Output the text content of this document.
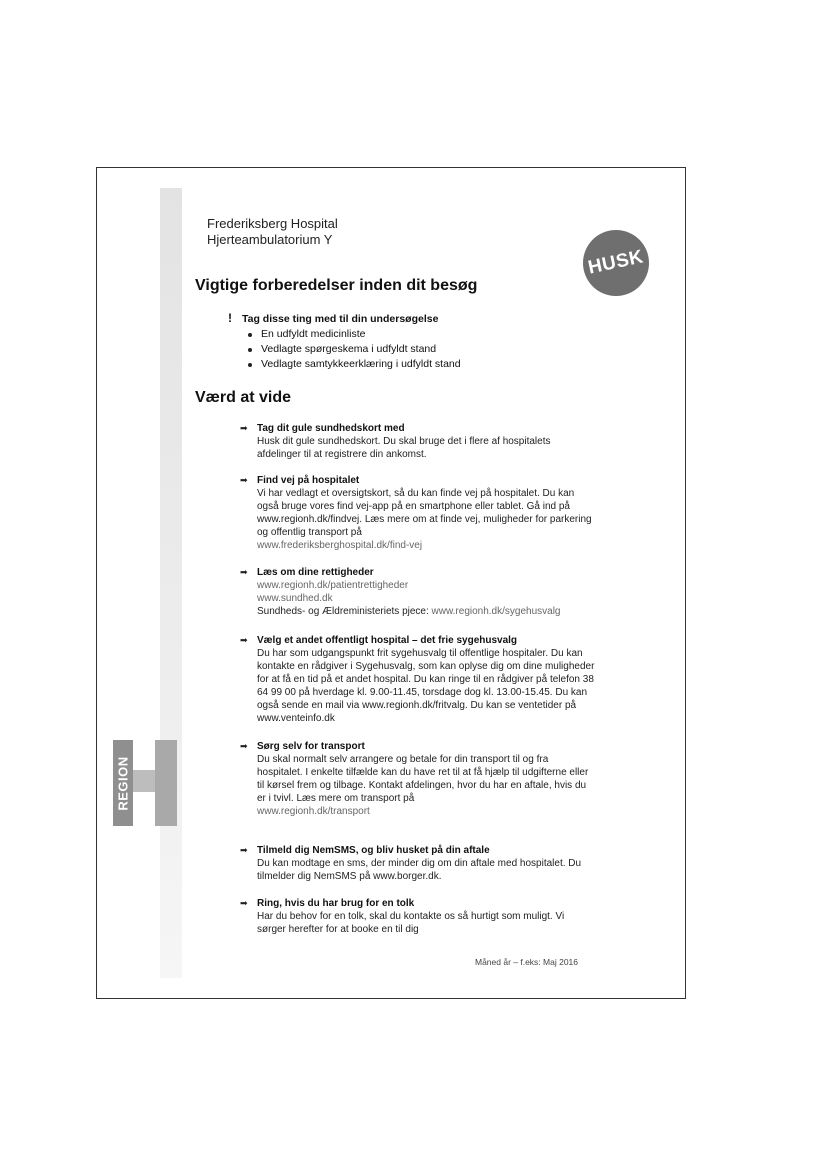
REGION
Frederiksberg Hospital
Hjerteambulatorium Y
HUSK
Vigtige forberedelser inden dit besøg
! Tag disse ting med til din undersøgelse
En udfyldt medicinliste
Vedlagte spørgeskema i udfyldt stand
Vedlagte samtykkeerklæring i udfyldt stand
Værd at vide
➡ Tag dit gule sundhedskort med
Husk dit gule sundhedskort. Du skal bruge det i flere af hospitalets afdelinger til at registrere din ankomst.
➡ Find vej på hospitalet
Vi har vedlagt et oversigtskort, så du kan finde vej på hospitalet. Du kan også bruge vores find vej-app på en smartphone eller tablet. Gå ind på www.regionh.dk/findvej. Læs mere om at finde vej, muligheder for parkering og offentlig transport på
www.frederiksberghospital.dk/find-vej
➡ Læs om dine rettigheder
www.regionh.dk/patientrettigheder
www.sundhed.dk
Sundheds- og Ældreministeriets pjece: www.regionh.dk/sygehusvalg
➡ Vælg et andet offentligt hospital – det frie sygehusvalg
Du har som udgangspunkt frit sygehusvalg til offentlige hospitaler. Du kan kontakte en rådgiver i Sygehusvalg, som kan oplyse dig om dine muligheder for at få en tid på et andet hospital. Du kan ringe til en rådgiver på telefon 38 64 99 00 på hverdage kl. 9.00-11.45, torsdage dog kl. 13.00-15.45. Du kan også sende en mail via www.regionh.dk/fritvalg. Du kan se ventetider på www.venteinfo.dk
➡ Sørg selv for transport
Du skal normalt selv arrangere og betale for din transport til og fra hospitalet. I enkelte tilfælde kan du have ret til at få hjælp til udgifterne eller til kørsel frem og tilbage. Kontakt afdelingen, hvor du har en aftale, hvis du er i tvivl. Læs mere om transport på
www.regionh.dk/transport
➡ Tilmeld dig NemSMS, og bliv husket på din aftale
Du kan modtage en sms, der minder dig om din aftale med hospitalet. Du tilmelder dig NemSMS på www.borger.dk.
➡ Ring, hvis du har brug for en tolk
Har du behov for en tolk, skal du kontakte os så hurtigt som muligt. Vi sørger herefter for at booke en til dig
Måned år – f.eks: Maj 2016
